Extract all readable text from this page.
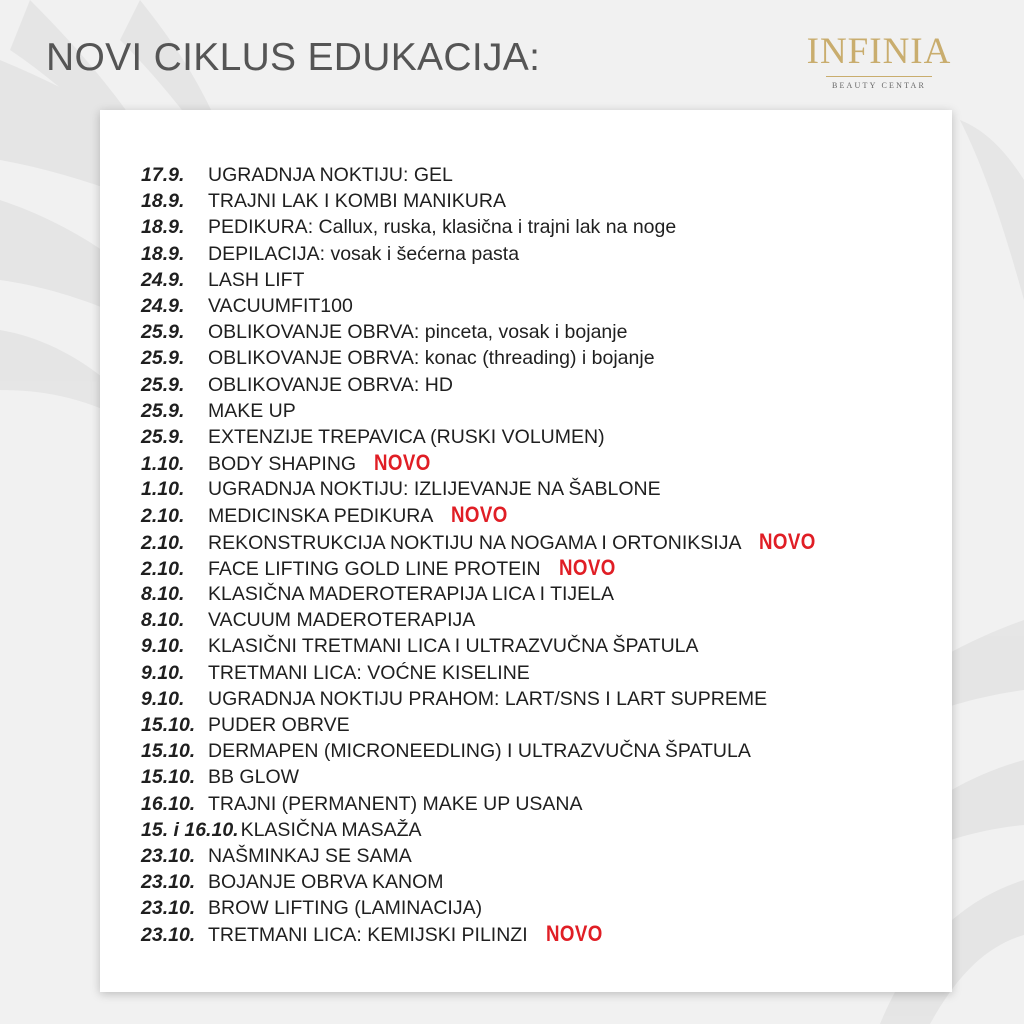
NOVI CIKLUS EDUKACIJA:	INFINIA
BEAUTY CENTAR
17.9. UGRADNJA NOKTIJU: GEL
18.9. TRAJNI LAK I KOMBI MANIKURA
18.9. PEDIKURA: Callux, ruska, klasična i trajni lak na noge
18.9. DEPILACIJA: vosak i šećerna pasta
24.9. LASH LIFT
24.9. VACUUMFIT100
25.9. OBLIKOVANJE OBRVA: pinceta, vosak i bojanje
25.9. OBLIKOVANJE OBRVA: konac (threading) i bojanje
25.9. OBLIKOVANJE OBRVA: HD
25.9. MAKE UP
25.9. EXTENZIJE TREPAVICA (RUSKI VOLUMEN)
1.10. BODY SHAPING NOVO
1.10. UGRADNJA NOKTIJU: IZLIJEVANJE NA ŠABLONE
2.10. MEDICINSKA PEDIKURA NOVO
2.10. REKONSTRUKCIJA NOKTIJU NA NOGAMA I ORTONIKSIJA NOVO
2.10. FACE LIFTING GOLD LINE PROTEIN NOVO
8.10. KLASIČNA MADEROTERAPIJA LICA I TIJELA
8.10. VACUUM MADEROTERAPIJA
9.10. KLASIČNI TRETMANI LICA I ULTRAZVUČNA ŠPATULA
9.10. TRETMANI LICA: VOĆNE KISELINE
9.10. UGRADNJA NOKTIJU PRAHOM: LART/SNS I LART SUPREME
15.10. PUDER OBRVE
15.10. DERMAPEN (MICRONEEDLING) I ULTRAZVUČNA ŠPATULA
15.10. BB GLOW
16.10. TRAJNI (PERMANENT) MAKE UP USANA
15. i 16.10. KLASIČNA MASAŽA
23.10. NAŠMINKAJ SE SAMA
23.10. BOJANJE OBRVA KANOM
23.10. BROW LIFTING (LAMINACIJA)
23.10. TRETMANI LICA: KEMIJSKI PILINZI NOVO
